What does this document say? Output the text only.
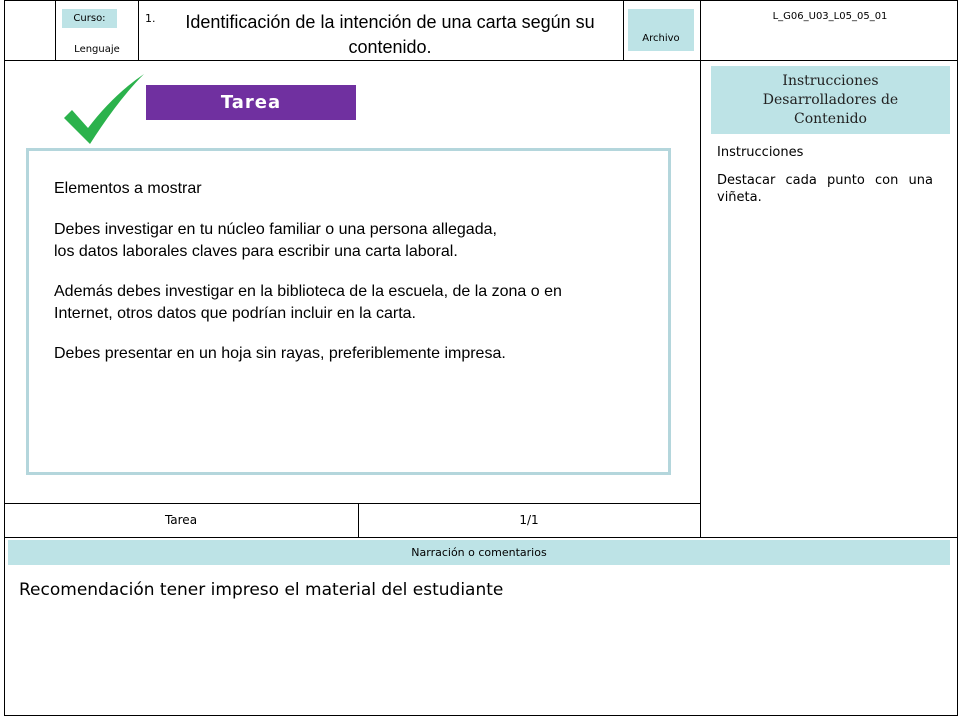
Curso:
Lenguaje
1. Identificación de la intención de una carta según su contenido.	Archivo
L_G06_U03_L05_05_01
Tarea
Elementos a mostrar
Debes investigar en tu núcleo familiar o una persona allegada,
los datos laborales claves para escribir una carta laboral.
Además debes investigar en la biblioteca de la escuela, de la zona o en
Internet, otros datos que podrían incluir en la carta.
Debes presentar en un hoja sin rayas, preferiblemente impresa.
Tarea	1/1
Instrucciones Desarrolladores de Contenido
Instrucciones
Destacar cada punto con una viñeta.
Narración o comentarios
Recomendación tener impreso el material del estudiante
